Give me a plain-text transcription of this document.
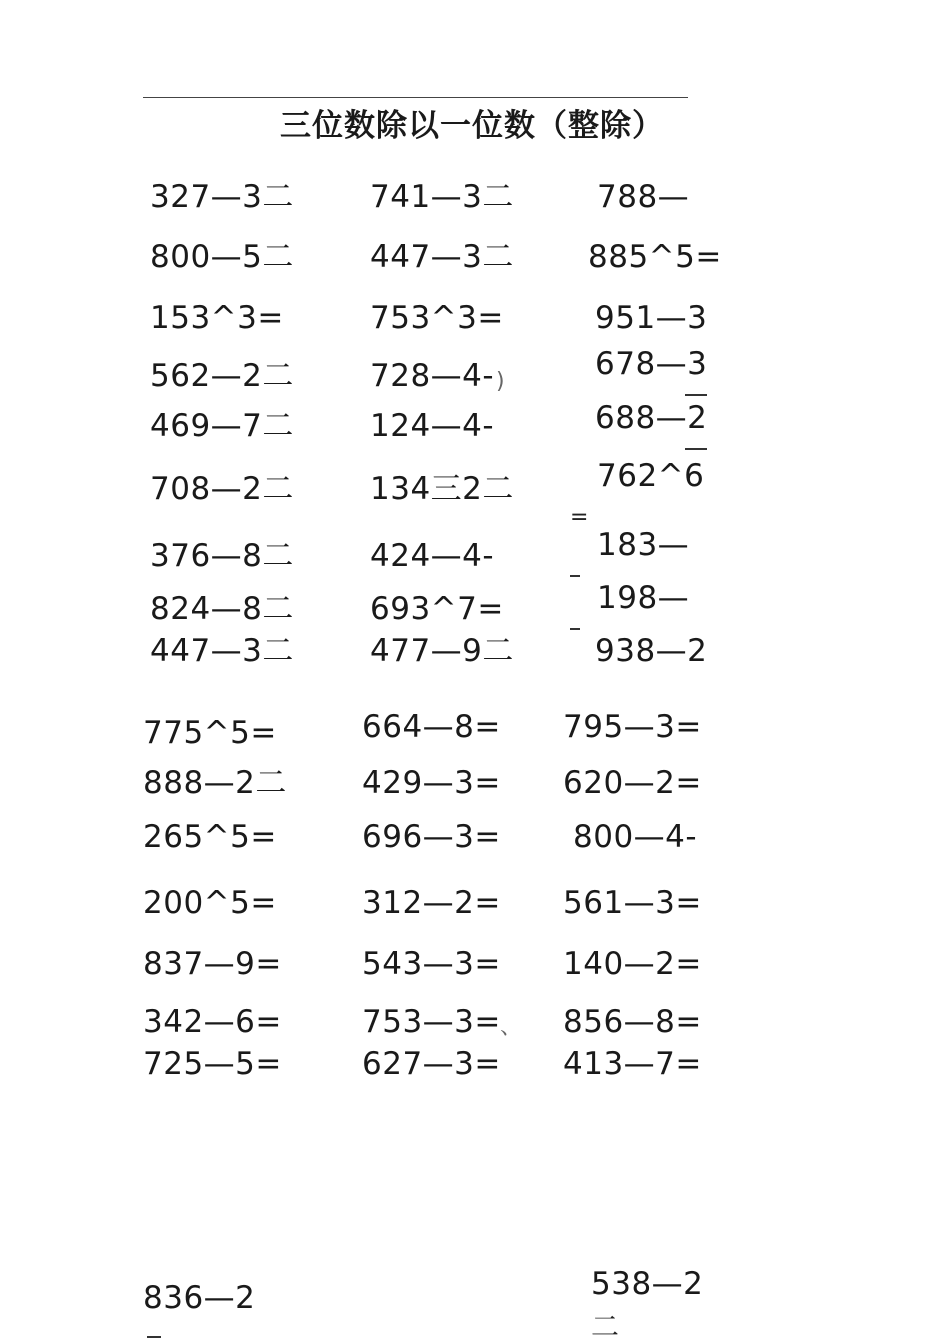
三位数除以一位数（整除）
327—3二
800—5二
153^3=
562—2二
469—7二
708—2二
376—8二
824—8二
447—3二
741—3二
447—3二
753^3=
728—4- )
124—4-
134三2二
424—4-
693^7=
477—9二
788—
885^5=
951—3
678—3
688—2
762^6
=
183—
198—
938—2
775^5=
888—2二
265^5=
200^5=
837—9=
342—6=
725—5=
664—8=
429—3=
696—3=
312—2=
543—3=
753—3= 、
627—3=
795—3=
620—2=
800—4-
561—3=
140—2=
856—8=
413—7=
836—2	538—2
二
